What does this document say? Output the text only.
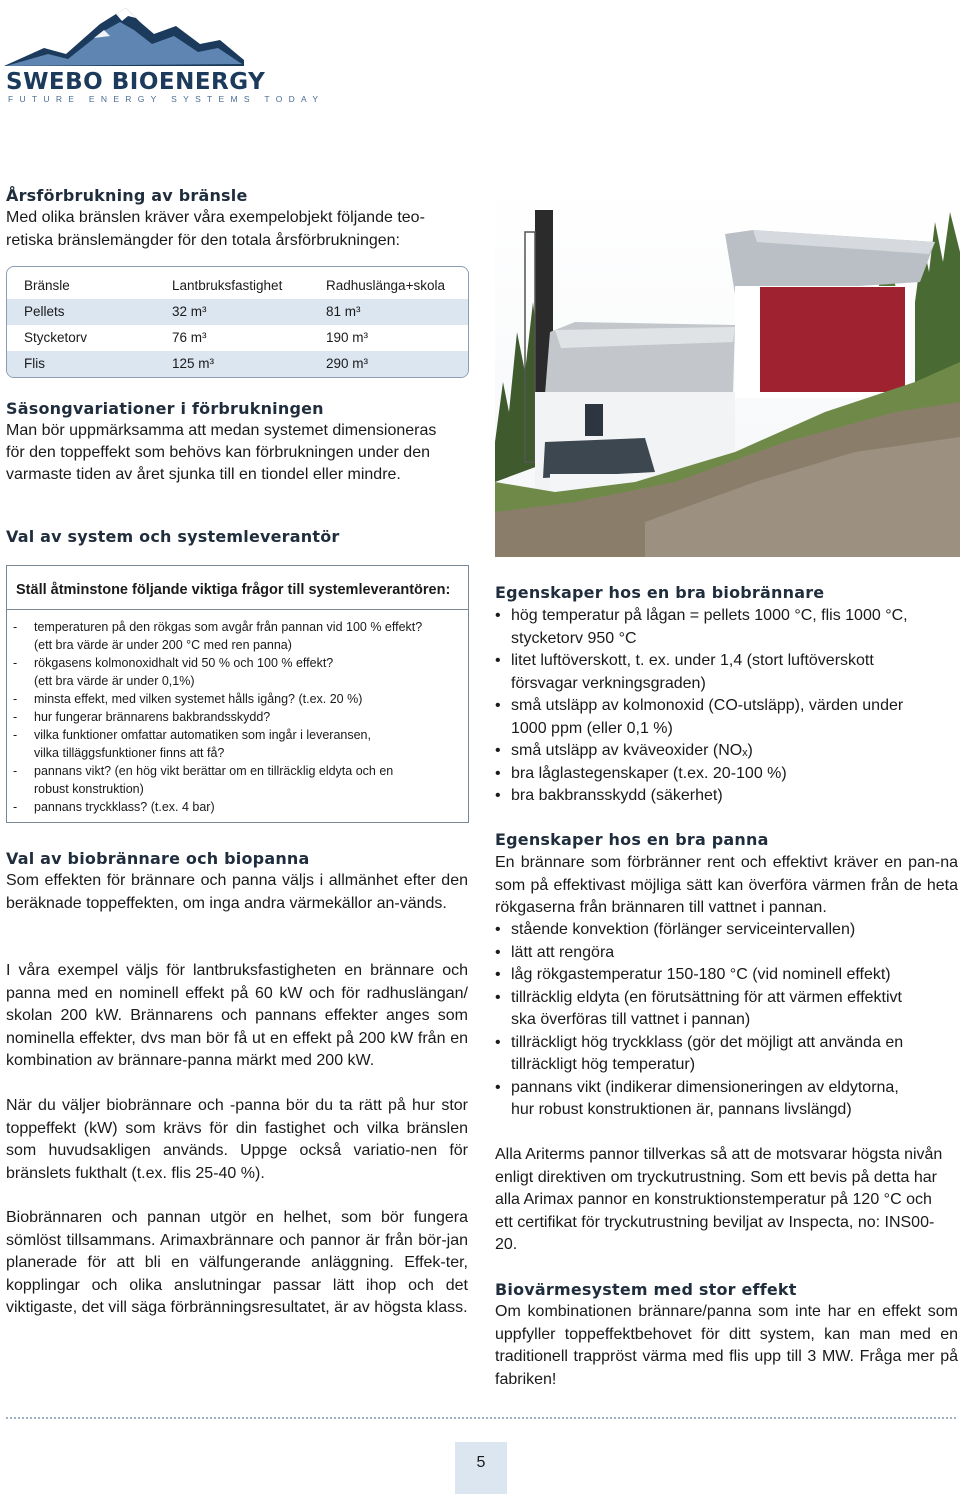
SWEBO BIOENERGY
FUTURE ENERGY SYSTEMS TODAY
Årsförbrukning av bränsle

Med olika bränslen kräver våra exempelobjekt följande teo-

retiska bränslemängder för den totala årsförbrukningen:

Bränsle	Lantbruksfastighet	Radhuslänga+skola
Pellets	32 m³	81 m³
Stycketorv	76 m³	190 m³
Flis	125 m³	290 m³
Säsongvariationer i förbrukningen

Man bör uppmärksamma att medan systemet dimensioneras

för den toppeffekt som behövs kan förbrukningen under den

varmaste tiden av året sjunka till en tiondel eller mindre.

Val av system och systemleverantör
Ställ åtminstone följande viktiga frågor till systemleverantören:
- temperaturen på den rökgas som avgår från pannan vid 100 % effekt?
(ett bra värde är under 200 °C med ren panna)
- rökgasens kolmonoxidhalt vid 50 % och 100 % effekt?
(ett bra värde är under 0,1%)
- minsta effekt, med vilken systemet hålls igång? (t.ex. 20 %)
- hur fungerar brännarens bakbrandsskydd?
- vilka funktioner omfattar automatiken som ingår i leveransen,
vilka tilläggsfunktioner finns att få?
- pannans vikt? (en hög vikt berättar om en tillräcklig eldyta och en
robust konstruktion)
- pannans tryckklass? (t.ex. 4 bar)
Val av biobrännare och biopanna

Som effekten för brännare och panna väljs i allmänhet efter den beräknade toppeffekten, om inga andra värmekällor an-vänds.

I våra exempel väljs för lantbruksfastigheten en brännare och panna med en nominell effekt på 60 kW och för radhuslängan/ skolan 200 kW. Brännarens och pannans effekter anges som nominella effekter, dvs man bör få ut en effekt på 200 kW från en kombination av brännare-panna märkt med 200 kW.

När du väljer biobrännare och -panna bör du ta rätt på hur stor toppeffekt (kW) som krävs för din fastighet och vilka bränslen som huvudsakligen används. Uppge också variatio-nen för bränslets fukthalt (t.ex. flis 25-40 %).

Biobrännaren och pannan utgör en helhet, som bör fungera sömlöst tillsammans. Arimaxbrännare och pannor är från bör-jan planerade för att bli en välfungerande anläggning. Effek-ter, kopplingar och olika anslutningar passar lätt ihop och det viktigaste, det vill säga förbränningsresultatet, är av högsta klass.

Egenskaper hos en bra biobrännare
• hög temperatur på lågan = pellets 1000 °C, flis 1000 °C,
stycketorv 950 °C
• litet luftöverskott, t. ex. under 1,4 (stort luftöverskott
försvagar verkningsgraden)
• små utsläpp av kolmonoxid (CO-utsläpp), värden under
1000 ppm (eller 0,1 %)
• små utsläpp av kväveoxider (NOₓ)
• bra låglastegenskaper (t.ex. 20-100 %)
• bra bakbransskydd (säkerhet)
Egenskaper hos en bra panna

En brännare som förbränner rent och effektivt kräver en pan-na som på effektivast möjliga sätt kan överföra värmen från de heta rökgaserna från brännaren till vattnet i pannan.

• stående konvektion (förlänger serviceintervallen)
• lätt att rengöra
• låg rökgastemperatur 150-180 °C (vid nominell effekt)
• tillräcklig eldyta (en förutsättning för att värmen effektivt
ska överföras till vattnet i pannan)
• tillräckligt hög tryckklass (gör det möjligt att använda en
tillräckligt hög temperatur)
• pannans vikt (indikerar dimensioneringen av eldytorna,
hur robust konstruktionen är, pannans livslängd)

Alla Ariterms pannor tillverkas så att de motsvarar högsta nivån enligt direktiven om tryckutrustning. Som ett bevis på detta har alla Arimax pannor en konstruktionstemperatur på 120 °C och ett certifikat för tryckutrustning beviljat av Inspecta, no: INS00-20.

Biovärmesystem med stor effekt

Om kombinationen brännare/panna som inte har en effekt som uppfyller toppeffektbehovet för ditt system, kan man med en traditionell trappröst värma med flis upp till 3 MW. Fråga mer på fabriken!

5
